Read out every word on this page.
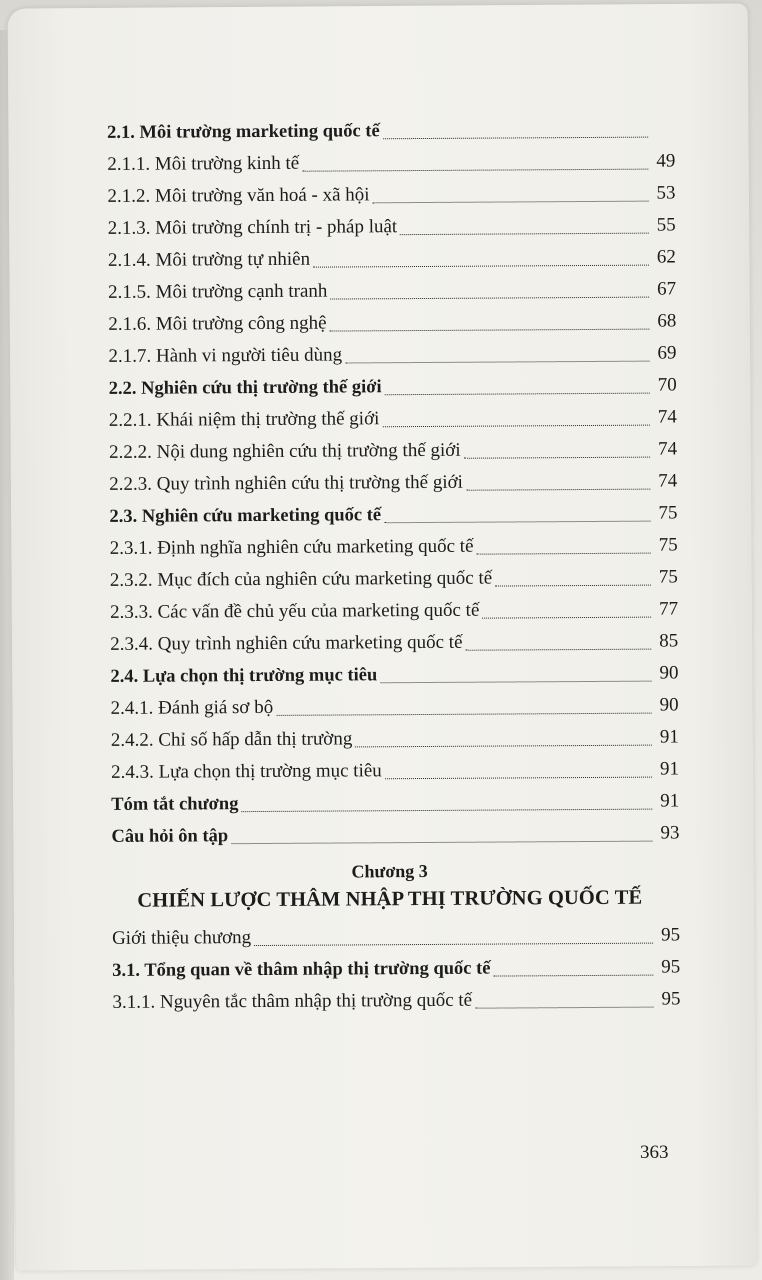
2.1. Môi trường marketing quốc tế
2.1.1. Môi trường kinh tế	49
2.1.2. Môi trường văn hoá - xã hội	53
2.1.3. Môi trường chính trị - pháp luật	55
2.1.4. Môi trường tự nhiên	62
2.1.5. Môi trường cạnh tranh	67
2.1.6. Môi trường công nghệ	68
2.1.7. Hành vi người tiêu dùng	69
2.2. Nghiên cứu thị trường thế giới	70
2.2.1. Khái niệm thị trường thế giới	74
2.2.2. Nội dung nghiên cứu thị trường thế giới	74
2.2.3. Quy trình nghiên cứu thị trường thế giới	74
2.3. Nghiên cứu marketing quốc tế	75
2.3.1. Định nghĩa nghiên cứu marketing quốc tế	75
2.3.2. Mục đích của nghiên cứu marketing quốc tế	75
2.3.3. Các vấn đề chủ yếu của marketing quốc tế	77
2.3.4. Quy trình nghiên cứu marketing quốc tế	85
2.4. Lựa chọn thị trường mục tiêu	90
2.4.1. Đánh giá sơ bộ	90
2.4.2. Chỉ số hấp dẫn thị trường	91
2.4.3. Lựa chọn thị trường mục tiêu	91
Tóm tắt chương	91
Câu hỏi ôn tập	93
Chương 3
CHIẾN LƯỢC THÂM NHẬP THỊ TRƯỜNG QUỐC TẾ
Giới thiệu chương	95
3.1. Tổng quan về thâm nhập thị trường quốc tế	95
3.1.1. Nguyên tắc thâm nhập thị trường quốc tế	95
363
